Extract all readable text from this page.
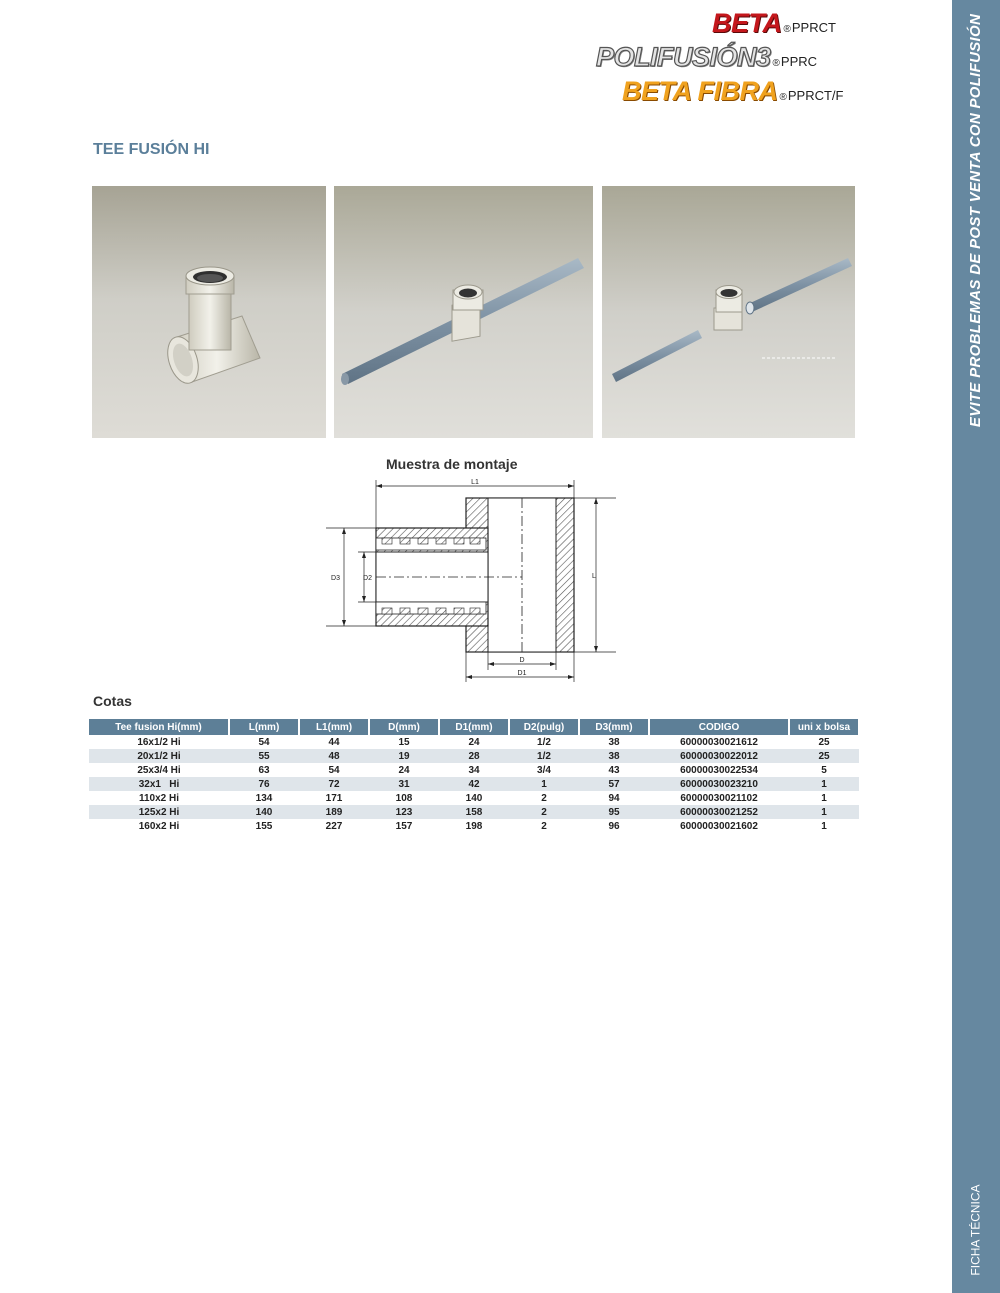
EVITE PROBLEMAS DE POST VENTA CON POLIFUSIÓN
FICHA TÉCNICA
BETA ® PPRCT
POLIFUSIÓN3 ® PPRC
BETA FIBRA ® PPRCT/F
TEE FUSIÓN HI
Muestra de montaje
L1
L
D3	D2
D
D1
Cotas
Tee fusion Hi(mm)	L(mm)	L1(mm)	D(mm)	D1(mm)	D2(pulg)	D3(mm)	CODIGO	uni x bolsa
16x1/2 Hi	54	44	15	24	1/2	38	60000030021612	25
20x1/2 Hi	55	48	19	28	1/2	38	60000030022012	25
25x3/4 Hi	63	54	24	34	3/4	43	60000030022534	5
32x1   Hi	76	72	31	42	1	57	60000030023210	1
110x2 Hi	134	171	108	140	2	94	60000030021102	1
125x2 Hi	140	189	123	158	2	95	60000030021252	1
160x2 Hi	155	227	157	198	2	96	60000030021602	1
